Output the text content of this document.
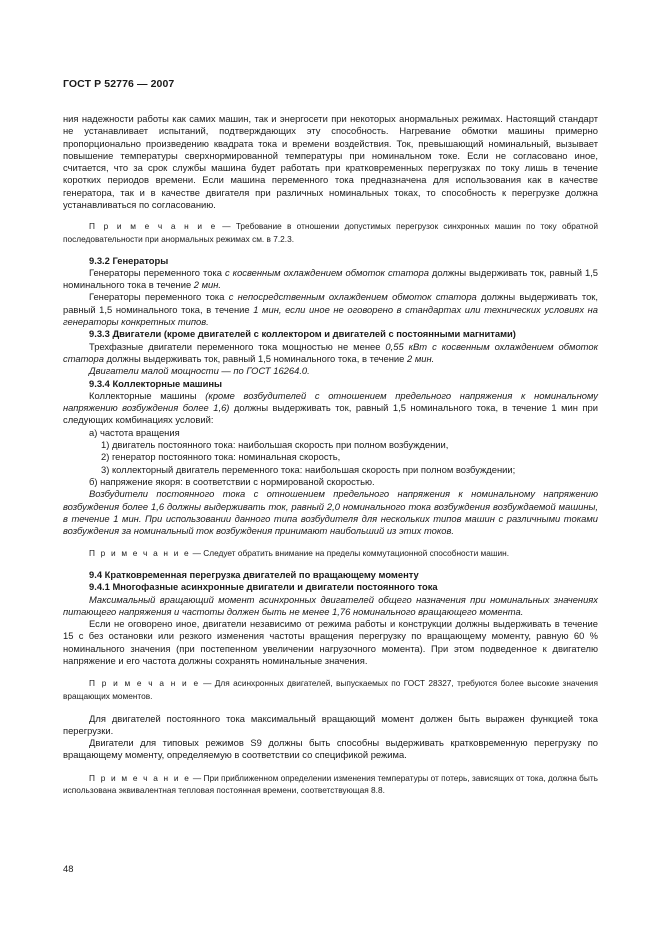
ГОСТ Р 52776 — 2007

ния надежности работы как самих машин, так и энергосети при некоторых анормальных режимах. Настоящий стандарт не устанавливает испытаний, подтверждающих эту способность. Нагревание обмотки машины примерно пропорционально произведению квадрата тока и времени воздействия. Ток, превышающий номинальный, вызывает повышение температуры сверхнормированной температуры при номинальном токе. Если не согласовано иное, считается, что за срок службы машина будет работать при кратковременных перегрузках по току лишь в течение коротких периодов времени. Если машина переменного тока предназначена для использования как в качестве генератора, так и в качестве двигателя при различных номинальных токах, то способность к перегрузке должна устанавливаться по согласованию.

П р и м е ч а н и е — Требование в отношении допустимых перегрузок синхронных машин по току обратной последовательности при анормальных режимах см. в 7.2.3.

9.3.2 Генераторы

Генераторы переменного тока с косвенным охлаждением обмоток статора должны выдерживать ток, равный 1,5 номинального тока в течение 2 мин.

Генераторы переменного тока с непосредственным охлаждением обмоток статора должны выдерживать ток, равный 1,5 номинального тока, в течение 1 мин, если иное не оговорено в стандартах или технических условиях на генераторы конкретных типов.

9.3.3 Двигатели (кроме двигателей с коллектором и двигателей с постоянными магнитами)

Трехфазные двигатели переменного тока мощностью не менее 0,55 кВт с косвенным охлаждением обмоток статора должны выдерживать ток, равный 1,5 номинального тока, в течение 2 мин.

Двигатели малой мощности — по ГОСТ 16264.0.

9.3.4 Коллекторные машины

Коллекторные машины (кроме возбудителей с отношением предельного напряжения к номинальному напряжению возбуждения более 1,6) должны выдерживать ток, равный 1,5 номинального тока, в течение 1 мин при следующих комбинациях условий:

а) частота вращения

1) двигатель постоянного тока: наибольшая скорость при полном возбуждении,

2) генератор постоянного тока: номинальная скорость,

3) коллекторный двигатель переменного тока: наибольшая скорость при полном возбуждении;

б) напряжение якоря: в соответствии с нормированой скоростью.

Возбудители постоянного тока с отношением предельного напряжения к номинальному напряжению возбуждения более 1,6 должны выдерживать ток, равный 2,0 номинального тока возбуждения возбуждаемой машины, в течение 1 мин. При использовании данного типа возбудителя для нескольких типов машин с различными токами возбуждения за номинальный ток возбуждения принимают наибольший из этих токов.

П р и м е ч а н и е — Следует обратить внимание на пределы коммутационной способности машин.

9.4 Кратковременная перегрузка двигателей по вращающему моменту

9.4.1 Многофазные асинхронные двигатели и двигатели постоянного тока

Максимальный вращающий момент асинхронных двигателей общего назначения при номинальных значениях питающего напряжения и частоты должен быть не менее 1,76 номинального вращающего момента.

Если не оговорено иное, двигатели независимо от режима работы и конструкции должны выдерживать в течение 15 с без остановки или резкого изменения частоты вращения перегрузку по вращающему моменту, равную 60 % номинального значения (при постепенном увеличении нагрузочного момента). При этом подведенное к двигателю напряжение и его частота должны сохранять номинальные значения.

П р и м е ч а н и е — Для асинхронных двигателей, выпускаемых по ГОСТ 28327, требуются более высокие значения вращающих моментов.

Для двигателей постоянного тока максимальный вращающий момент должен быть выражен функцией тока перегрузки.

Двигатели для типовых режимов S9 должны быть способны выдерживать кратковременную перегрузку по вращающему моменту, определяемую в соответствии со спецификой режима.

П р и м е ч а н и е — При приближенном определении изменения температуры от потерь, зависящих от тока, должна быть использована эквивалентная тепловая постоянная времени, соответствующая 8.8.

48
